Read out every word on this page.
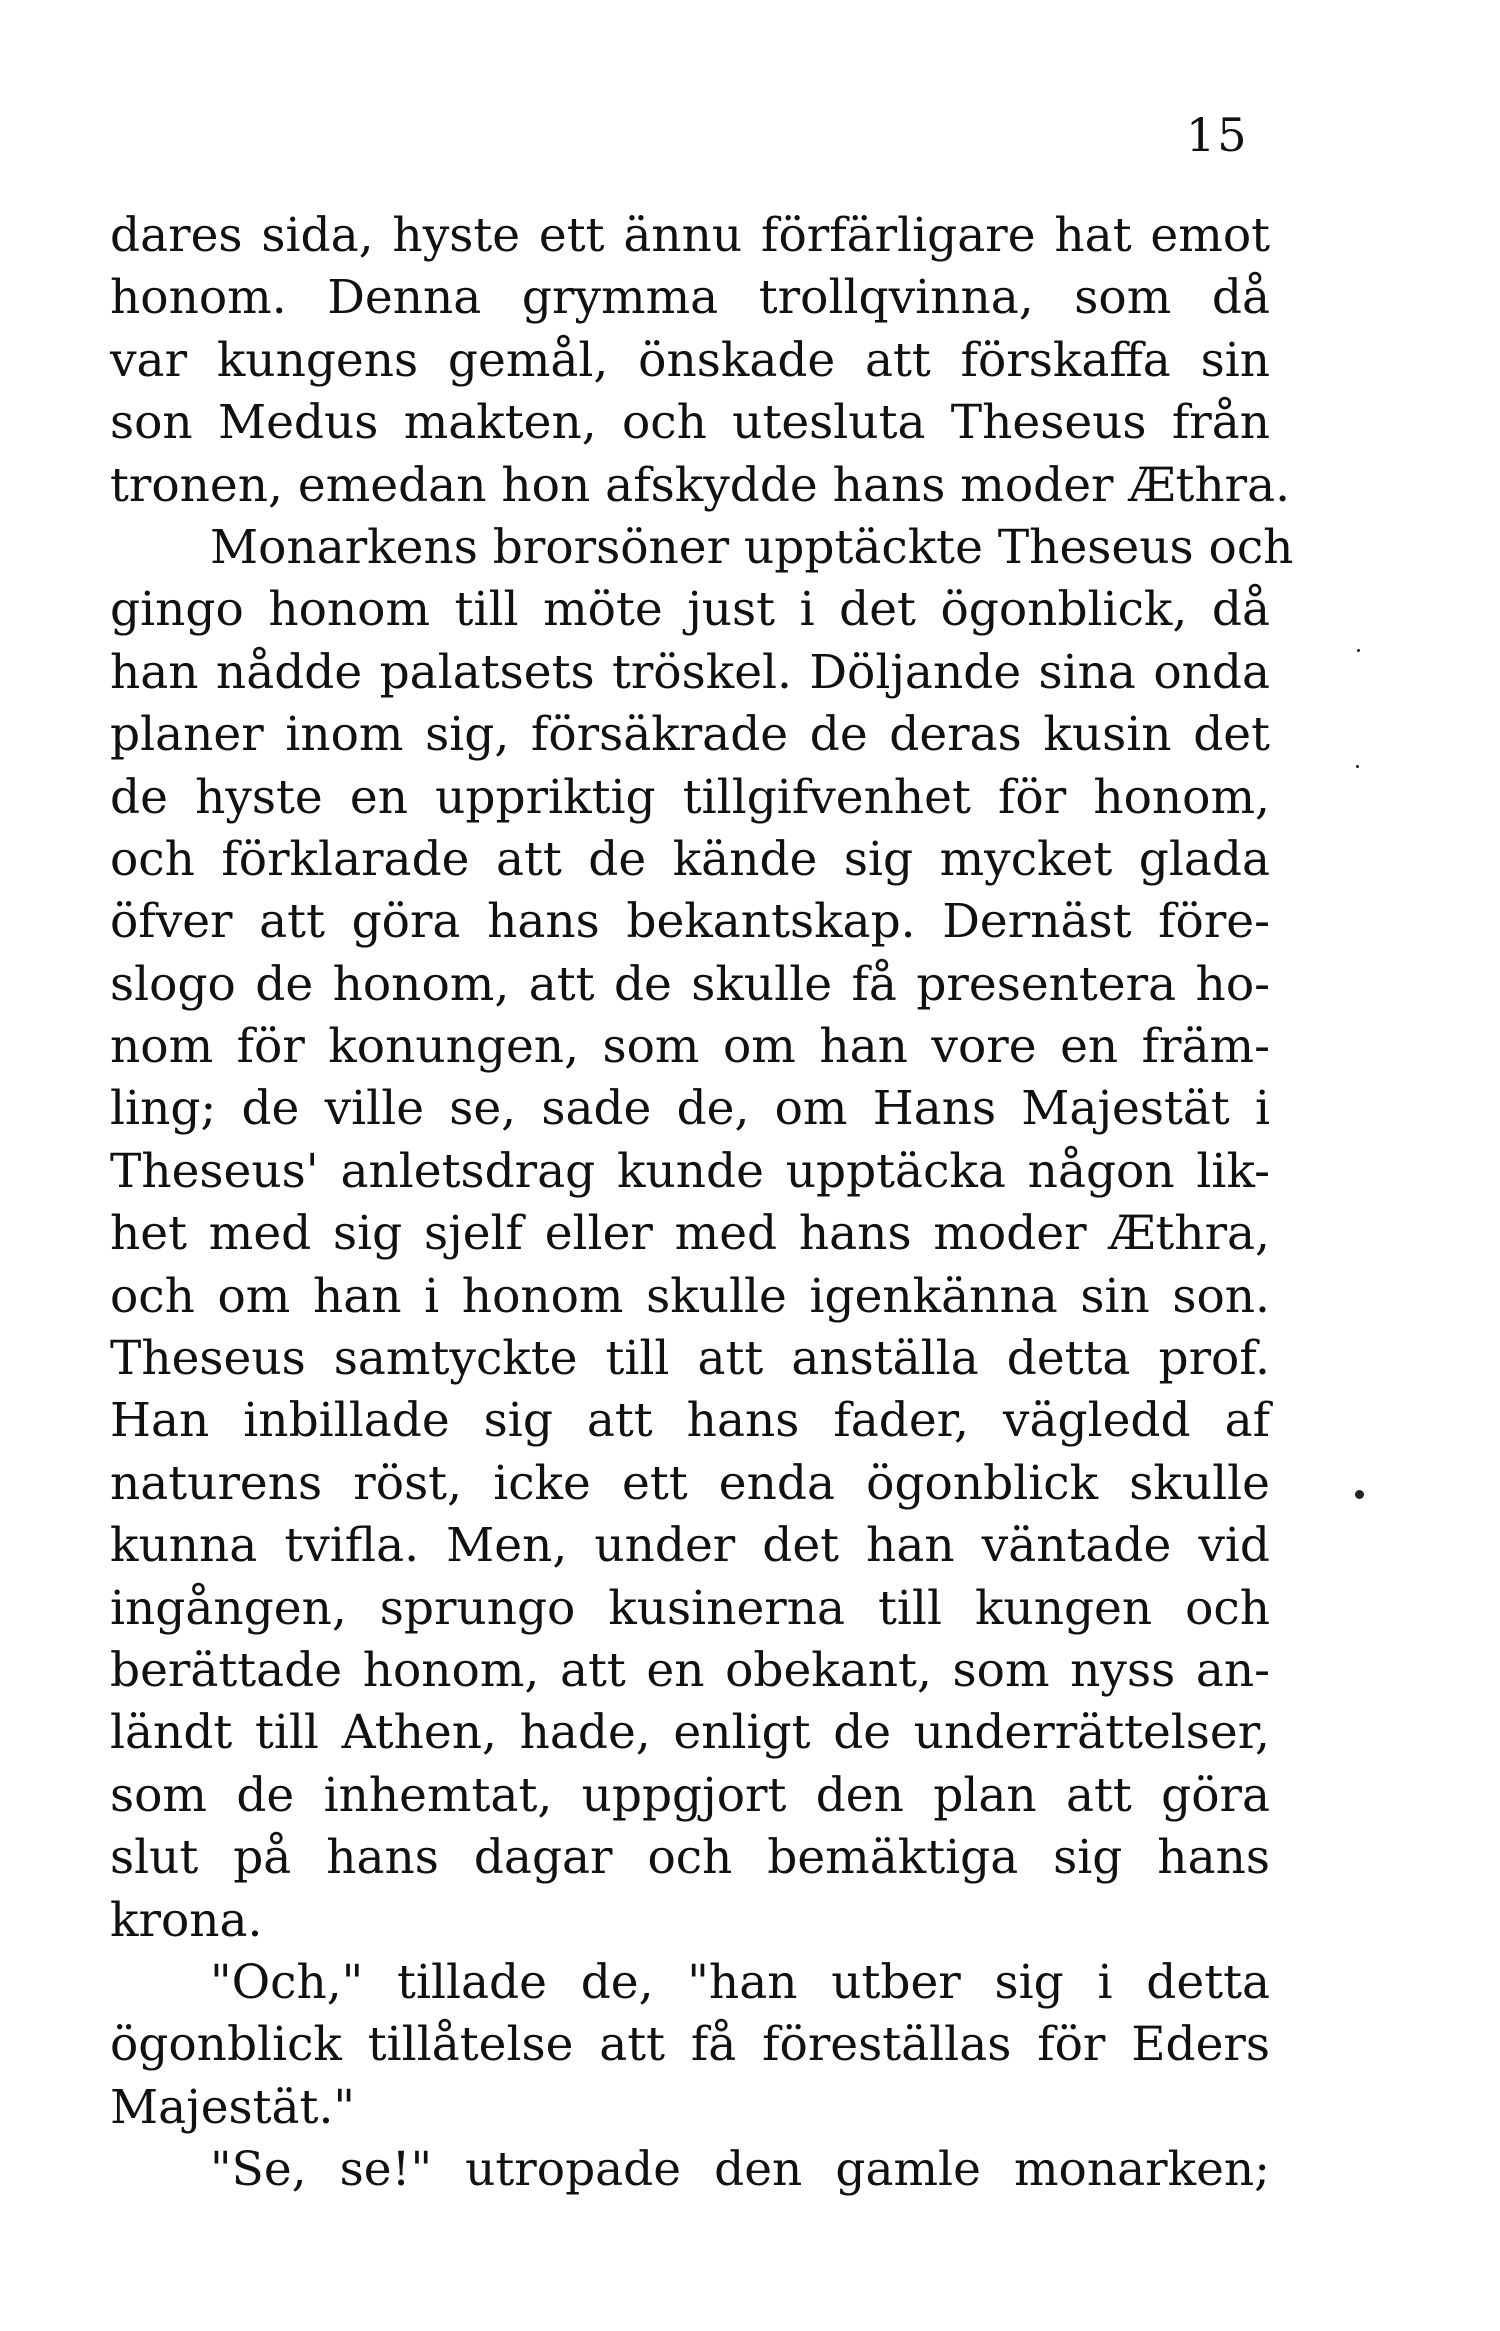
15
dares sida, hyste ett ännu förfärligare hat emot
honom. Denna grymma trollqvinna, som då
var kungens gemål, önskade att förskaffa sin
son Medus makten, och utesluta Theseus från
tronen, emedan hon afskydde hans moder Æthra.
Monarkens brorsöner upptäckte Theseus och
gingo honom till möte just i det ögonblick, då
han nådde palatsets tröskel. Döljande sina onda
planer inom sig, försäkrade de deras kusin det
de hyste en uppriktig tillgifvenhet för honom,
och förklarade att de kände sig mycket glada
öfver att göra hans bekantskap. Dernäst före-
slogo de honom, att de skulle få presentera ho-
nom för konungen, som om han vore en främ-
ling; de ville se, sade de, om Hans Majestät i
Theseus' anletsdrag kunde upptäcka någon lik-
het med sig sjelf eller med hans moder Æthra,
och om han i honom skulle igenkänna sin son.
Theseus samtyckte till att anställa detta prof.
Han inbillade sig att hans fader, vägledd af
naturens röst, icke ett enda ögonblick skulle
kunna tvifla. Men, under det han väntade vid
ingången, sprungo kusinerna till kungen och
berättade honom, att en obekant, som nyss an-
ländt till Athen, hade, enligt de underrättelser,
som de inhemtat, uppgjort den plan att göra
slut på hans dagar och bemäktiga sig hans
krona.
"Och," tillade de, "han utber sig i detta
ögonblick tillåtelse att få föreställas för Eders
Majestät."
"Se, se!" utropade den gamle monarken;
